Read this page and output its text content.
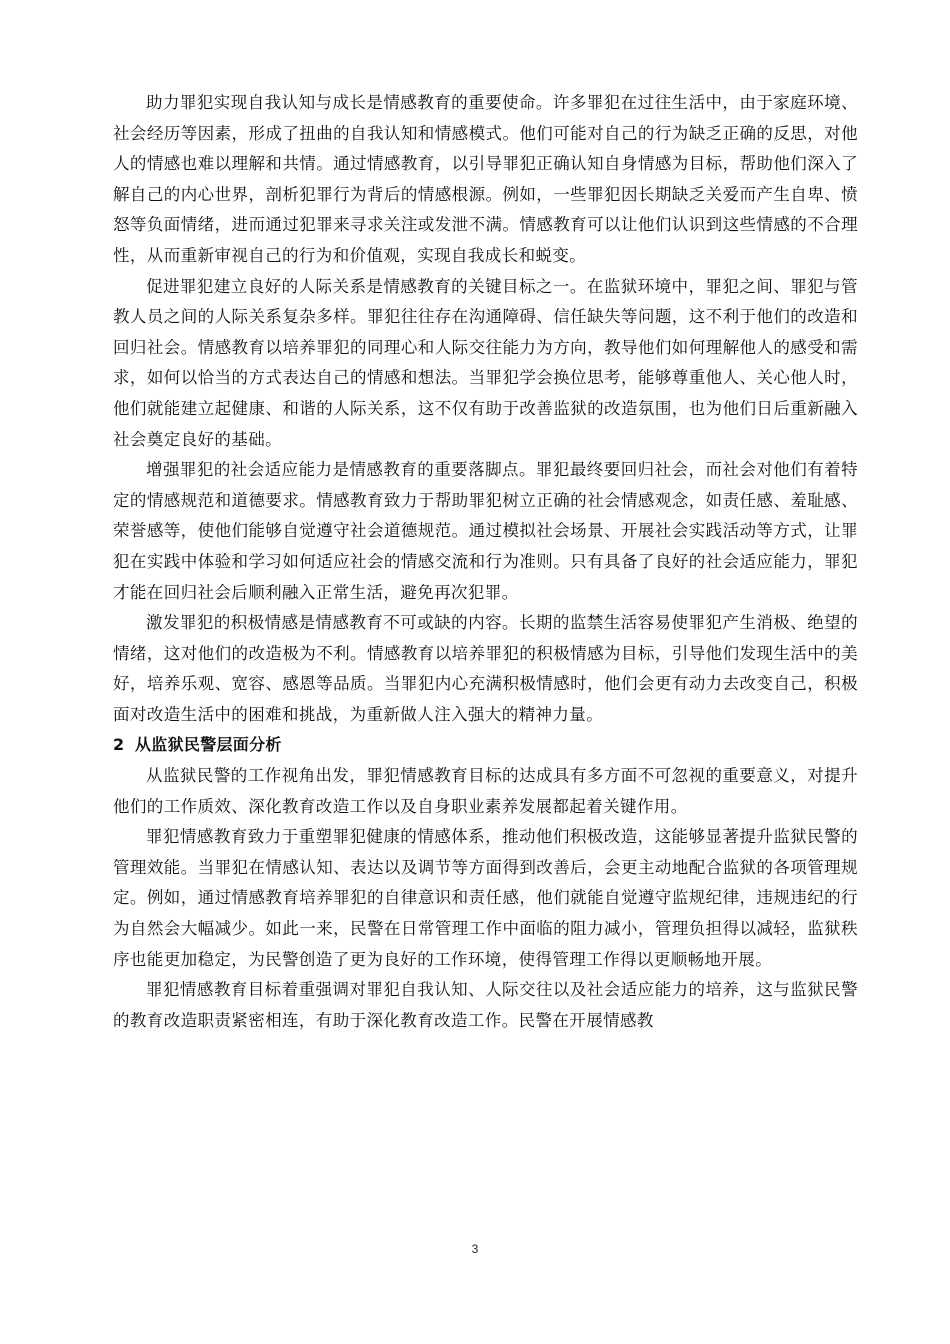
助力罪犯实现自我认知与成长是情感教育的重要使命。许多罪犯在过往生活中，由于家庭环境、社会经历等因素，形成了扭曲的自我认知和情感模式。他们可能对自己的行为缺乏正确的反思，对他人的情感也难以理解和共情。通过情感教育，以引导罪犯正确认知自身情感为目标，帮助他们深入了解自己的内心世界，剖析犯罪行为背后的情感根源。例如，一些罪犯因长期缺乏关爱而产生自卑、愤怒等负面情绪，进而通过犯罪来寻求关注或发泄不满。情感教育可以让他们认识到这些情感的不合理性，从而重新审视自己的行为和价值观，实现自我成长和蜕变。

促进罪犯建立良好的人际关系是情感教育的关键目标之一。在监狱环境中，罪犯之间、罪犯与管教人员之间的人际关系复杂多样。罪犯往往存在沟通障碍、信任缺失等问题，这不利于他们的改造和回归社会。情感教育以培养罪犯的同理心和人际交往能力为方向，教导他们如何理解他人的感受和需求，如何以恰当的方式表达自己的情感和想法。当罪犯学会换位思考，能够尊重他人、关心他人时，他们就能建立起健康、和谐的人际关系，这不仅有助于改善监狱的改造氛围，也为他们日后重新融入社会奠定良好的基础。

增强罪犯的社会适应能力是情感教育的重要落脚点。罪犯最终要回归社会，而社会对他们有着特定的情感规范和道德要求。情感教育致力于帮助罪犯树立正确的社会情感观念，如责任感、羞耻感、荣誉感等，使他们能够自觉遵守社会道德规范。通过模拟社会场景、开展社会实践活动等方式，让罪犯在实践中体验和学习如何适应社会的情感交流和行为准则。只有具备了良好的社会适应能力，罪犯才能在回归社会后顺利融入正常生活，避免再次犯罪。

激发罪犯的积极情感是情感教育不可或缺的内容。长期的监禁生活容易使罪犯产生消极、绝望的情绪，这对他们的改造极为不利。情感教育以培养罪犯的积极情感为目标，引导他们发现生活中的美好，培养乐观、宽容、感恩等品质。当罪犯内心充满积极情感时，他们会更有动力去改变自己，积极面对改造生活中的困难和挑战，为重新做人注入强大的精神力量。

2 从监狱民警层面分析

从监狱民警的工作视角出发，罪犯情感教育目标的达成具有多方面不可忽视的重要意义，对提升他们的工作质效、深化教育改造工作以及自身职业素养发展都起着关键作用。

罪犯情感教育致力于重塑罪犯健康的情感体系，推动他们积极改造，这能够显著提升监狱民警的管理效能。当罪犯在情感认知、表达以及调节等方面得到改善后，会更主动地配合监狱的各项管理规定。例如，通过情感教育培养罪犯的自律意识和责任感，他们就能自觉遵守监规纪律，违规违纪的行为自然会大幅减少。如此一来，民警在日常管理工作中面临的阻力减小，管理负担得以减轻，监狱秩序也能更加稳定，为民警创造了更为良好的工作环境，使得管理工作得以更顺畅地开展。

罪犯情感教育目标着重强调对罪犯自我认知、人际交往以及社会适应能力的培养，这与监狱民警的教育改造职责紧密相连，有助于深化教育改造工作。民警在开展情感教

3
